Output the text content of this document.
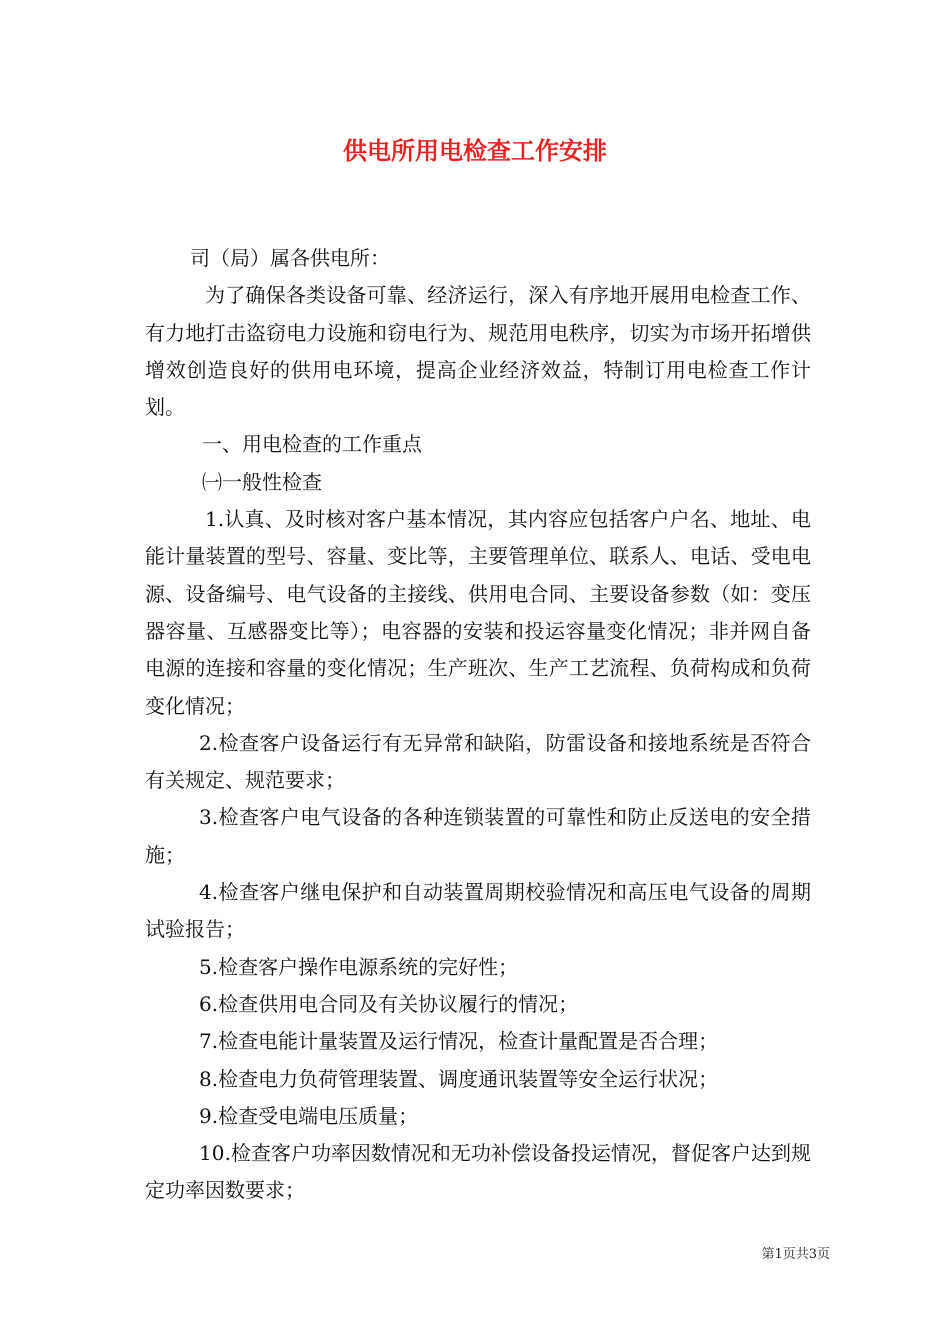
供电所用电检查工作安排

司（局）属各供电所：

为了确保各类设备可靠、经济运行，深入有序地开展用电检查工作、有力地打击盗窃电力设施和窃电行为、规范用电秩序，切实为市场开拓增供增效创造良好的供用电环境，提高企业经济效益，特制订用电检查工作计划。

一、用电检查的工作重点

㈠一般性检查

1.认真、及时核对客户基本情况，其内容应包括客户户名、地址、电能计量装置的型号、容量、变比等，主要管理单位、联系人、电话、受电电源、设备编号、电气设备的主接线、供用电合同、主要设备参数（如：变压器容量、互感器变比等）；电容器的安装和投运容量变化情况；非并网自备电源的连接和容量的变化情况；生产班次、生产工艺流程、负荷构成和负荷变化情况；

2.检查客户设备运行有无异常和缺陷，防雷设备和接地系统是否符合有关规定、规范要求；

3.检查客户电气设备的各种连锁装置的可靠性和防止反送电的安全措施；

4.检查客户继电保护和自动装置周期校验情况和高压电气设备的周期试验报告；

5.检查客户操作电源系统的完好性；

6.检查供用电合同及有关协议履行的情况；

7.检查电能计量装置及运行情况，检查计量配置是否合理；

8.检查电力负荷管理装置、调度通讯装置等安全运行状况；

9.检查受电端电压质量；

10.检查客户功率因数情况和无功补偿设备投运情况，督促客户达到规定功率因数要求；

第1页共3页
